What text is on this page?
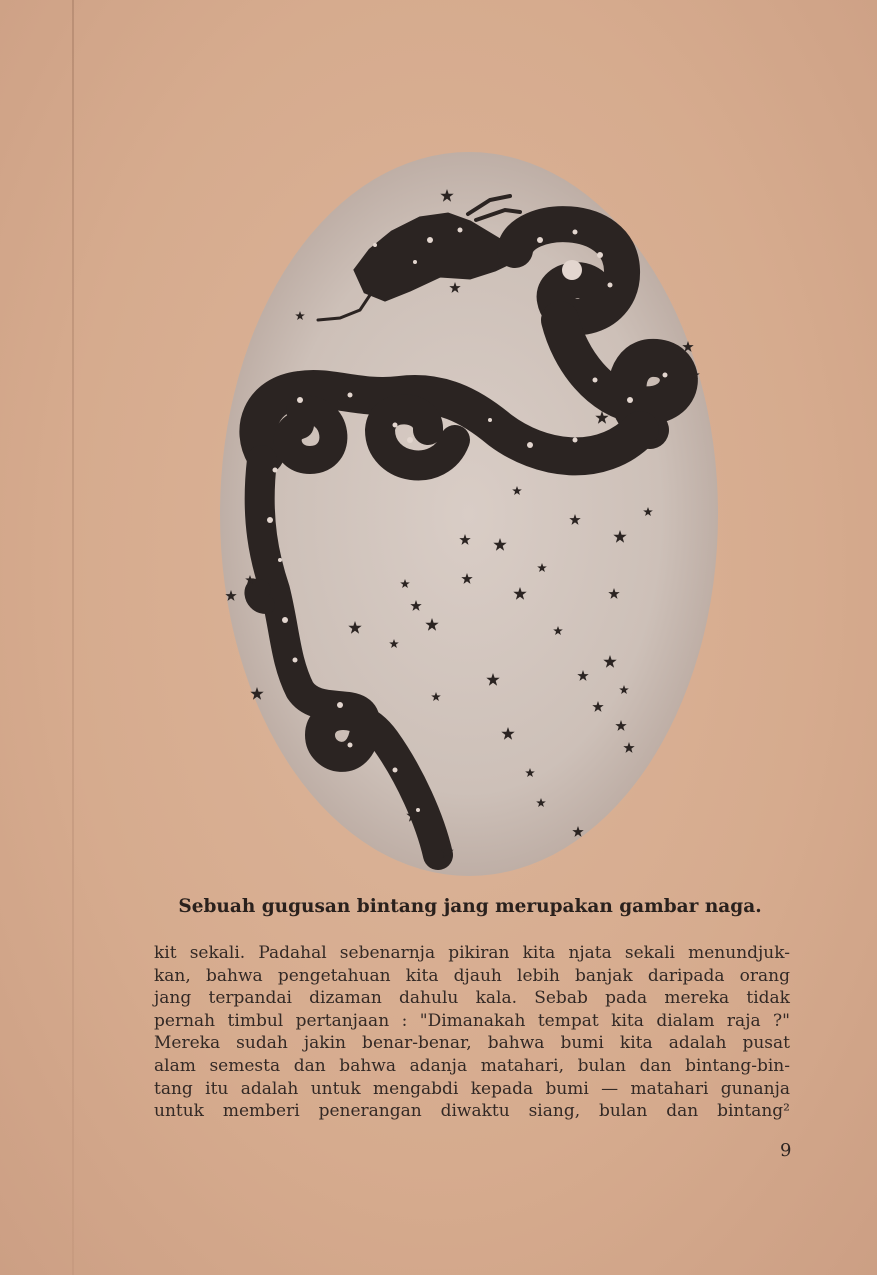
Sebuah gugusan bintang jang merupakan gambar naga.
kit sekali. Padahal sebenarnja pikiran kita njata sekali menundjuk-
kan, bahwa pengetahuan kita djauh lebih banjak daripada orang
jang terpandai dizaman dahulu kala. Sebab pada mereka tidak
pernah timbul pertanjaan : "Dimanakah tempat kita dialam raja ?"
Mereka sudah jakin benar-benar, bahwa bumi kita adalah pusat
alam semesta dan bahwa adanja matahari, bulan dan bintang-bin-
tang itu adalah untuk mengabdi kepada bumi — matahari gunanja
untuk memberi penerangan diwaktu siang, bulan dan bintang²
9
